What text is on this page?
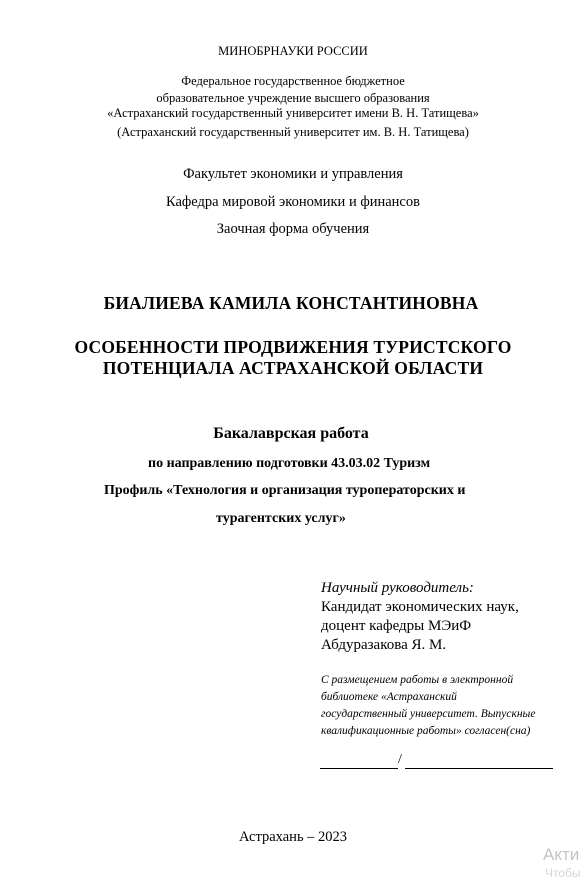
МИНОБРНАУКИ РОССИИ
Федеральное государственное бюджетное
образовательное учреждение высшего образования
«Астраханский государственный университет имени В. Н. Татищева»
(Астраханский государственный университет им. В. Н. Татищева)
Факультет экономики и управления
Кафедра мировой экономики и финансов
Заочная форма обучения
БИАЛИЕВА КАМИЛА КОНСТАНТИНОВНА
ОСОБЕННОСТИ ПРОДВИЖЕНИЯ ТУРИСТСКОГО
ПОТЕНЦИАЛА АСТРАХАНСКОЙ ОБЛАСТИ
Бакалаврская работа
по направлению подготовки 43.03.02 Туризм
Профиль «Технология и организация туроператорских и
турагентских услуг»
Научный руководитель:
Кандидат экономических наук,
доцент кафедры МЭиФ
Абдуразакова Я. М.
С размещением работы в электронной
библиотеке «Астраханский
государственный университет. Выпускные
квалификационные работы» согласен(сна)
/
Астрахань – 2023
Акти
Чтобы
